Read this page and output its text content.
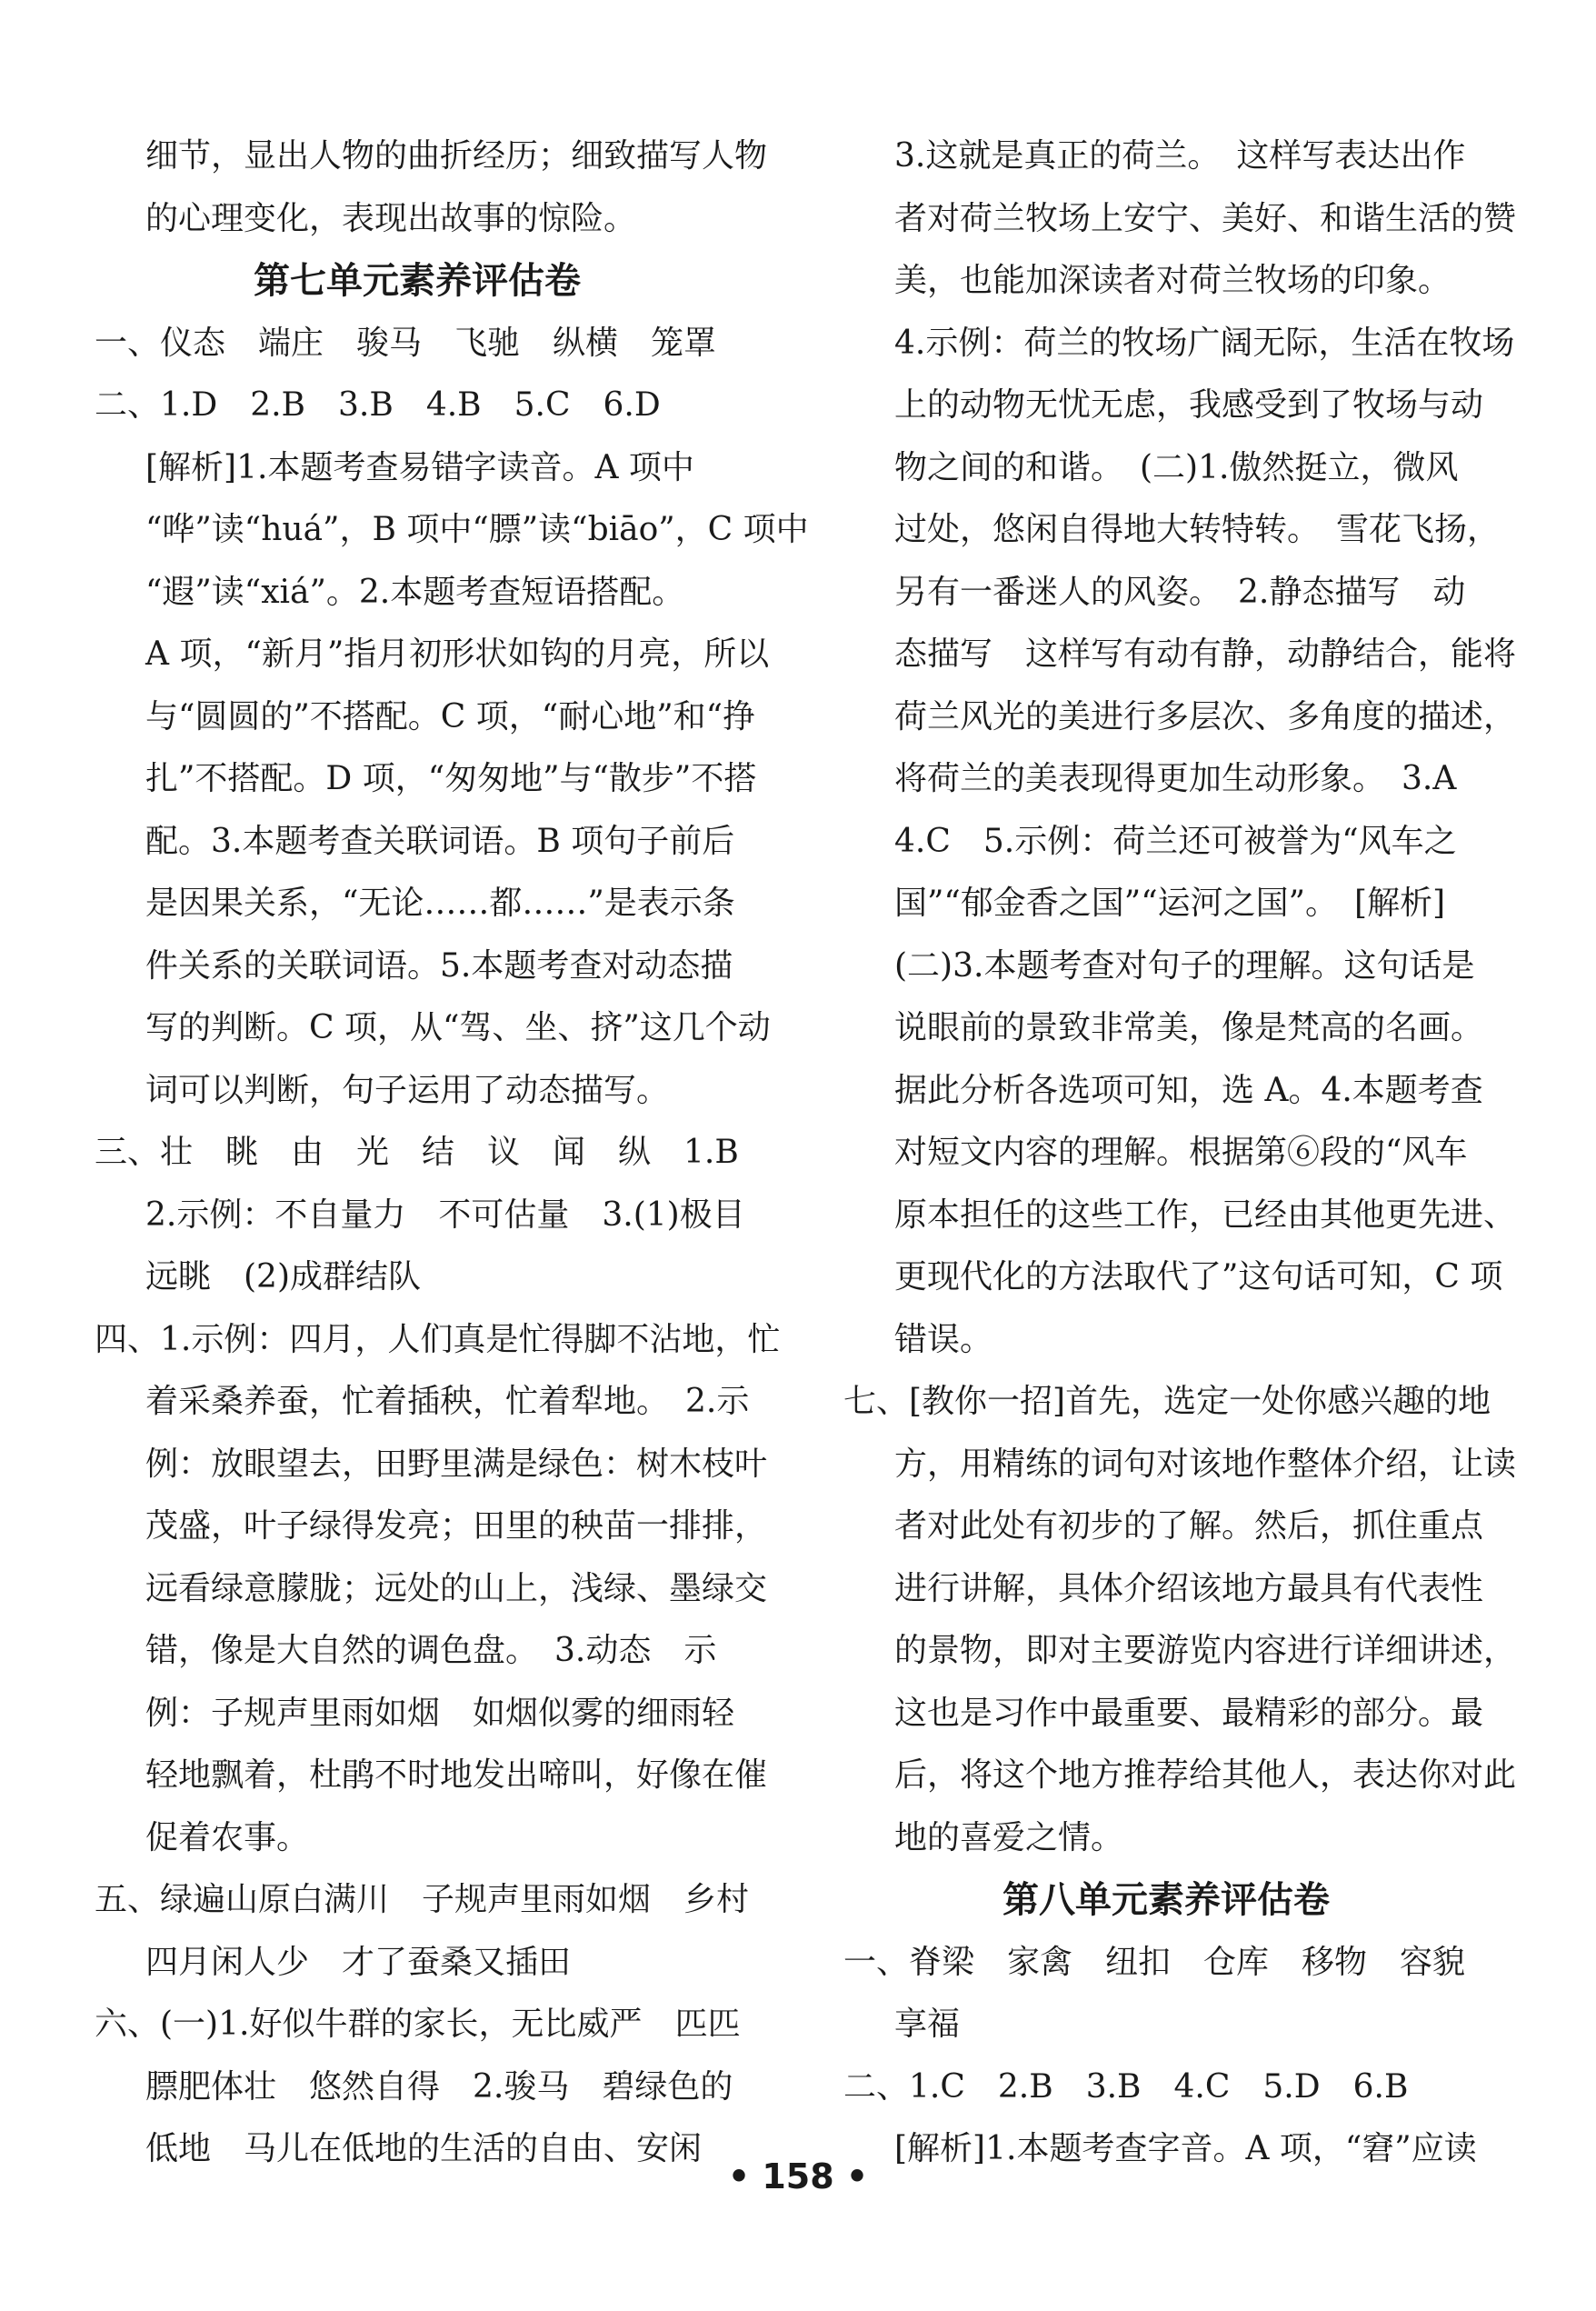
细节，显出人物的曲折经历；细致描写人物
的心理变化，表现出故事的惊险。
第七单元素养评估卷
一、仪态　端庄　骏马　飞驰　纵横　笼罩
二、1.D　2.B　3.B　4.B　5.C　6.D
[解析]1.本题考查易错字读音。A 项中
“哗”读“huá”，B 项中“膘”读“biāo”，C 项中
“遐”读“xiá”。2.本题考查短语搭配。
A 项，“新月”指月初形状如钩的月亮，所以
与“圆圆的”不搭配。C 项，“耐心地”和“挣
扎”不搭配。D 项，“匆匆地”与“散步”不搭
配。3.本题考查关联词语。B 项句子前后
是因果关系，“无论……都……”是表示条
件关系的关联词语。5.本题考查对动态描
写的判断。C 项，从“驾、坐、挤”这几个动
词可以判断，句子运用了动态描写。
三、壮　眺　由　光　结　议　闻　纵　1.B
2.示例：不自量力　不可估量　3.(1)极目
远眺　(2)成群结队
四、1.示例：四月，人们真是忙得脚不沾地，忙
着采桑养蚕，忙着插秧，忙着犁地。　2.示
例：放眼望去，田野里满是绿色：树木枝叶
茂盛，叶子绿得发亮；田里的秧苗一排排，
远看绿意朦胧；远处的山上，浅绿、墨绿交
错，像是大自然的调色盘。　3.动态　示
例：子规声里雨如烟　如烟似雾的细雨轻
轻地飘着，杜鹃不时地发出啼叫，好像在催
促着农事。
五、绿遍山原白满川　子规声里雨如烟　乡村
四月闲人少　才了蚕桑又插田
六、(一)1.好似牛群的家长，无比威严　匹匹
膘肥体壮　悠然自得　2.骏马　碧绿色的
低地　马儿在低地的生活的自由、安闲
3.这就是真正的荷兰。　这样写表达出作
者对荷兰牧场上安宁、美好、和谐生活的赞
美，也能加深读者对荷兰牧场的印象。
4.示例：荷兰的牧场广阔无际，生活在牧场
上的动物无忧无虑，我感受到了牧场与动
物之间的和谐。　(二)1.傲然挺立，微风
过处，悠闲自得地大转特转。　雪花飞扬，
另有一番迷人的风姿。　2.静态描写　动
态描写　这样写有动有静，动静结合，能将
荷兰风光的美进行多层次、多角度的描述，
将荷兰的美表现得更加生动形象。　3.A
4.C　5.示例：荷兰还可被誉为“风车之
国”“郁金香之国”“运河之国”。　[解析]
(二)3.本题考查对句子的理解。这句话是
说眼前的景致非常美，像是梵高的名画。
据此分析各选项可知，选 A。4.本题考查
对短文内容的理解。根据第⑥段的“风车
原本担任的这些工作，已经由其他更先进、
更现代化的方法取代了”这句话可知，C 项
错误。
七、[教你一招]首先，选定一处你感兴趣的地
方，用精练的词句对该地作整体介绍，让读
者对此处有初步的了解。然后，抓住重点
进行讲解，具体介绍该地方最具有代表性
的景物，即对主要游览内容进行详细讲述，
这也是习作中最重要、最精彩的部分。最
后，将这个地方推荐给其他人，表达你对此
地的喜爱之情。
第八单元素养评估卷
一、脊梁　家禽　纽扣　仓库　移物　容貌
享福
二、1.C　2.B　3.B　4.C　5.D　6.B
[解析]1.本题考查字音。A 项，“窘”应读
• 158 •
